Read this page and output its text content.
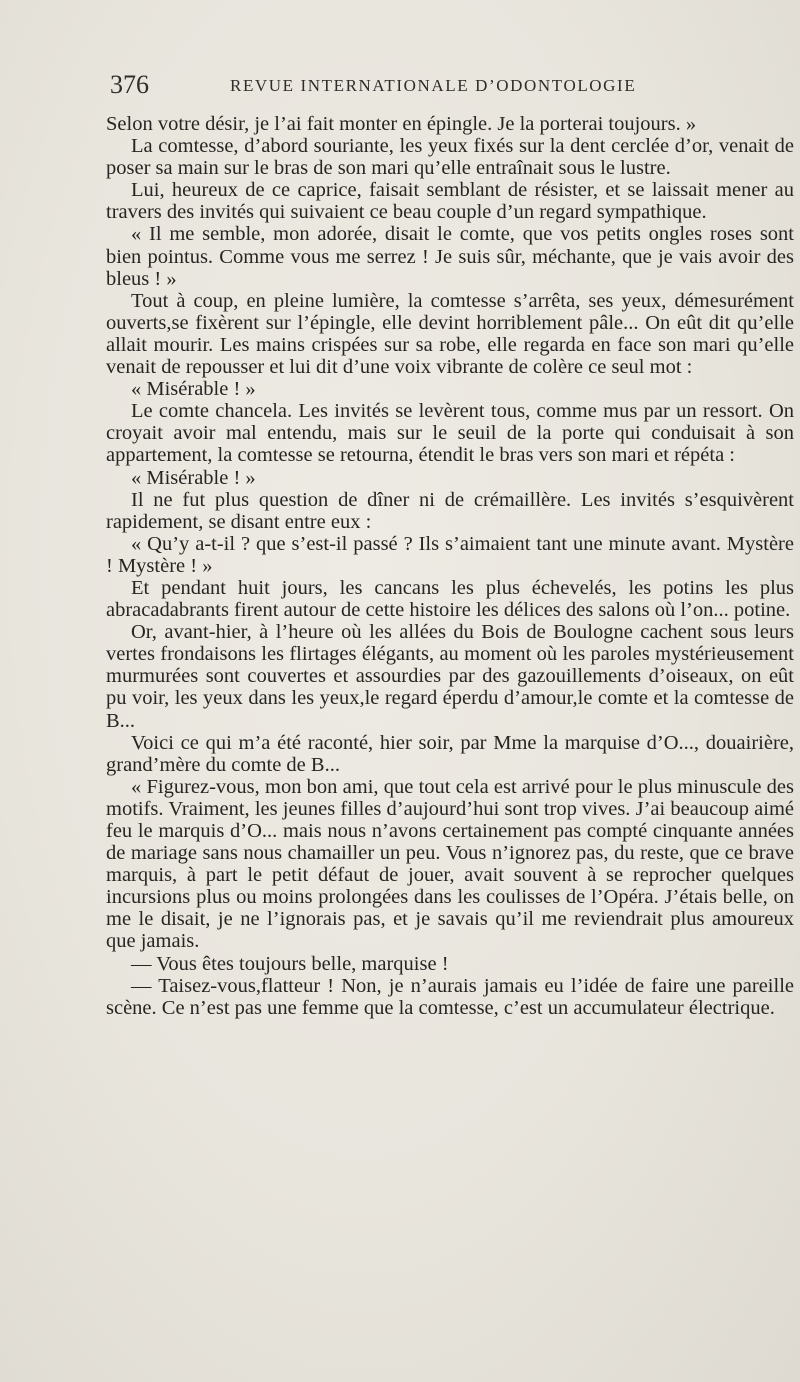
376	REVUE INTERNATIONALE D’ODONTOLOGIE

Selon votre désir, je l’ai fait monter en épingle. Je la porterai toujours. »

La comtesse, d’abord souriante, les yeux fixés sur la dent cerclée d’or, venait de poser sa main sur le bras de son mari qu’elle entraînait sous le lustre.

Lui, heureux de ce caprice, faisait semblant de résister, et se laissait mener au travers des invités qui suivaient ce beau couple d’un regard sympathique.

« Il me semble, mon adorée, disait le comte, que vos petits ongles roses sont bien pointus. Comme vous me serrez ! Je suis sûr, méchante, que je vais avoir des bleus ! »

Tout à coup, en pleine lumière, la comtesse s’arrêta, ses yeux, démesurément ouverts,se fixèrent sur l’épingle, elle devint horriblement pâle... On eût dit qu’elle allait mourir. Les mains crispées sur sa robe, elle regarda en face son mari qu’elle venait de repousser et lui dit d’une voix vibrante de colère ce seul mot :

« Misérable ! »

Le comte chancela. Les invités se levèrent tous, comme mus par un ressort. On croyait avoir mal entendu, mais sur le seuil de la porte qui conduisait à son appartement, la comtesse se retourna, étendit le bras vers son mari et répéta :

« Misérable ! »

Il ne fut plus question de dîner ni de crémaillère. Les invités s’esquivèrent rapidement, se disant entre eux :

« Qu’y a-t-il ? que s’est-il passé ? Ils s’aimaient tant une minute avant. Mystère ! Mystère ! »

Et pendant huit jours, les cancans les plus échevelés, les potins les plus abracadabrants firent autour de cette histoire les délices des salons où l’on... potine.

Or, avant-hier, à l’heure où les allées du Bois de Boulogne cachent sous leurs vertes frondaisons les flirtages élégants, au moment où les paroles mystérieusement murmurées sont couvertes et assourdies par des gazouillements d’oiseaux, on eût pu voir, les yeux dans les yeux,le regard éperdu d’amour,le comte et la comtesse de B...

Voici ce qui m’a été raconté, hier soir, par Mme la marquise d’O..., douairière, grand’mère du comte de B...

« Figurez-vous, mon bon ami, que tout cela est arrivé pour le plus minuscule des motifs. Vraiment, les jeunes filles d’aujourd’hui sont trop vives. J’ai beaucoup aimé feu le marquis d’O... mais nous n’avons certainement pas compté cinquante années de mariage sans nous chamailler un peu. Vous n’ignorez pas, du reste, que ce brave marquis, à part le petit défaut de jouer, avait souvent à se reprocher quelques incursions plus ou moins prolongées dans les coulisses de l’Opéra. J’étais belle, on me le disait, je ne l’ignorais pas, et je savais qu’il me reviendrait plus amoureux que jamais.

— Vous êtes toujours belle, marquise !

— Taisez-vous,flatteur ! Non, je n’aurais jamais eu l’idée de faire une pareille scène. Ce n’est pas une femme que la comtesse, c’est un accumulateur électrique.
